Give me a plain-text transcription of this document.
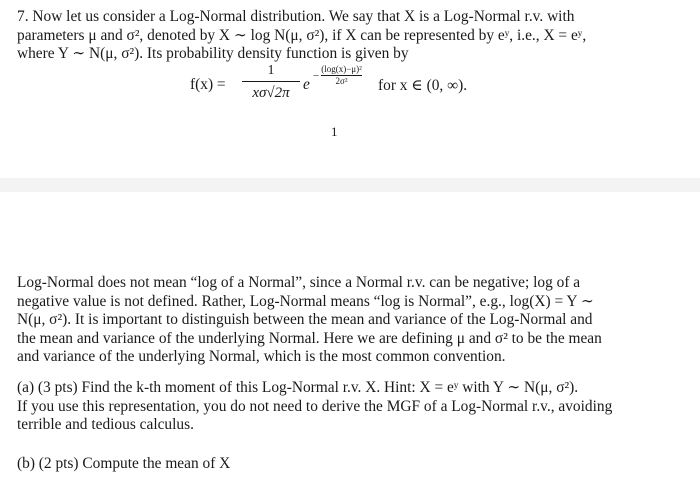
7. Now let us consider a Log-Normal distribution. We say that X is a Log-Normal r.v. with
parameters μ and σ², denoted by X ∼ log N(μ, σ²), if X can be represented by eʸ, i.e., X = eʸ,
where Y ∼ N(μ, σ²). Its probability density function is given by
f(x) =
1
xσ√2π e
−
(log(x)−μ)²
2σ²	for x ∈ (0, ∞).
1
Log-Normal does not mean “log of a Normal”, since a Normal r.v. can be negative; log of a
negative value is not defined. Rather, Log-Normal means “log is Normal”, e.g., log(X) = Y ∼
N(μ, σ²). It is important to distinguish between the mean and variance of the Log-Normal and
the mean and variance of the underlying Normal. Here we are defining μ and σ² to be the mean
and variance of the underlying Normal, which is the most common convention.
(a) (3 pts) Find the k-th moment of this Log-Normal r.v. X. Hint: X = eʸ with Y ∼ N(μ, σ²).
If you use this representation, you do not need to derive the MGF of a Log-Normal r.v., avoiding
terrible and tedious calculus.
(b) (2 pts) Compute the mean of X
